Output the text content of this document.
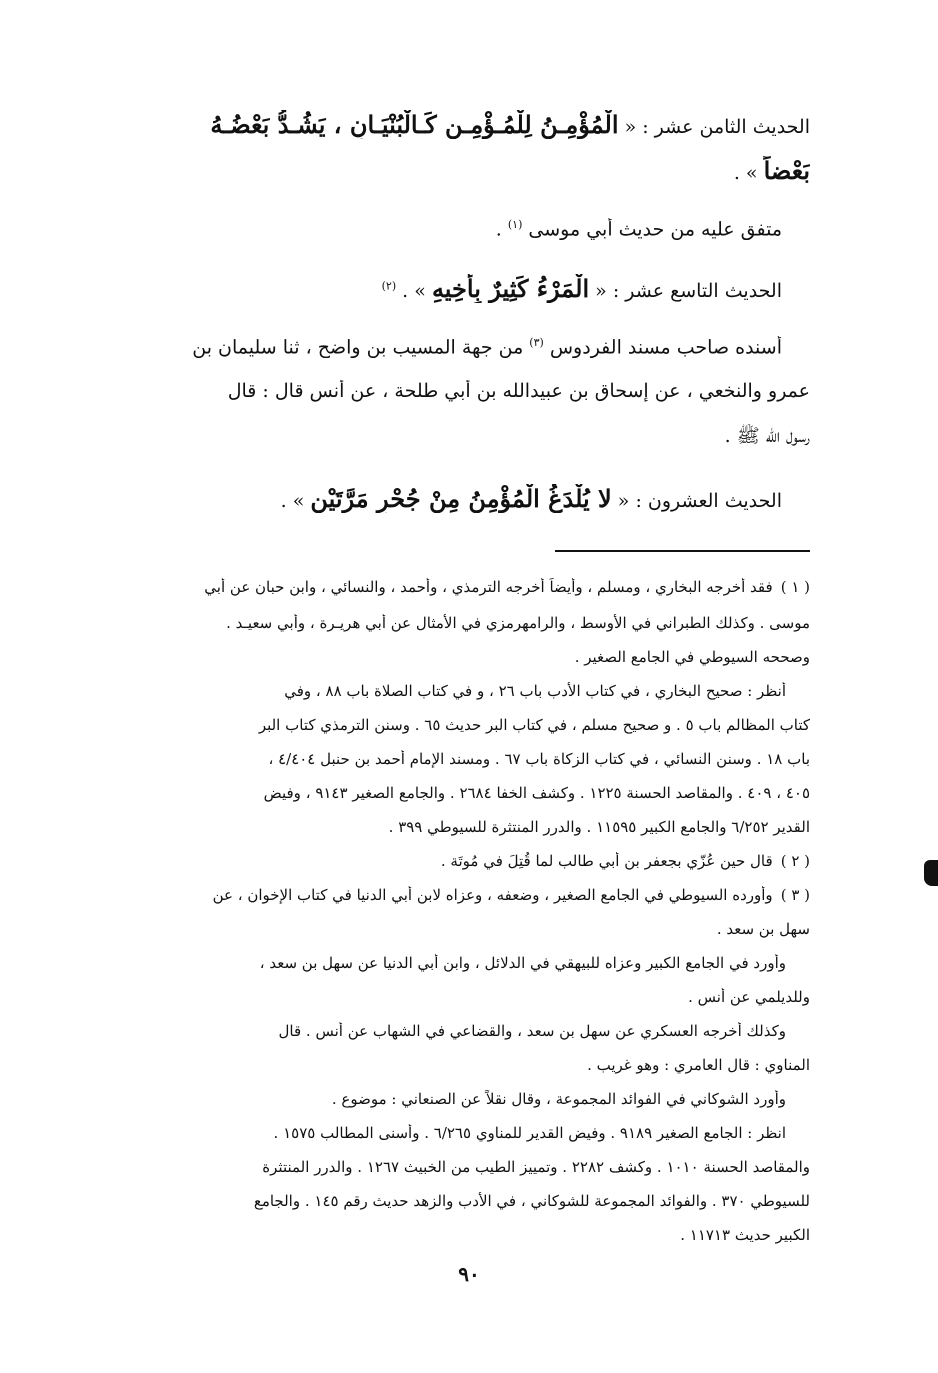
الحديث الثامن عشر : « الْمُؤْمِـنُ لِلْمُـؤْمِـنِ كَـالْبُنْيَـانِ ، يَشُـدُّ بَعْضُـهُ
بَعْضاً » .
متفق عليه من حديث أبي موسى $^{(١)}$ .
الحديث التاسع عشر : « الْمَرْءُ كَثِيرٌ بِأَخِيهِ » . $^{(٢)}$
أسنده صاحب مسند الفردوس $^{(٣)}$ من جهة المسيب بن واضح ، ثنا سليمان بن
عمرو والنخعي ، عن إسحاق بن عبيدالله بن أبي طلحة ، عن أنس قال : قال
رسول الله ﷺ .
الحديث العشرون : « لا يُلْدَغُ الْمُؤْمِنُ مِنْ جُحْرٍ مَرَّتَيْنِ » .
( ١ )فقد أخرجه البخاري ، ومسلم ، وأيضاً أخرجه الترمذي ، وأحمد ، والنسائي ، وابن حبان عن أبي
موسى . وكذلك الطبراني في الأوسط ، والرامهرمزي في الأمثال عن أبي هريـرة ، وأبي سعيـد .
وصححه السيوطي في الجامع الصغير .
أنظر : صحيح البخاري ، في كتاب الأدب باب ٢٦ ، و في كتاب الصلاة باب ٨٨ ، وفي
كتاب المظالم باب ٥ . و صحيح مسلم ، في كتاب البر حديث ٦٥ . وسنن الترمذي كتاب البر
باب ١٨ . وسنن النسائي ، في كتاب الزكاة باب ٦٧ . ومسند الإمام أحمد بن حنبل ٤/٤٠٤ ،
٤٠٥ ، ٤٠٩ . والمقاصد الحسنة ١٢٢٥ . وكشف الخفا ٢٦٨٤ . والجامع الصغير ٩١٤٣ ، وفيض
القدير ٦/٢٥٢ والجامع الكبير ١١٥٩٥ . والدرر المنتثرة للسيوطي ٣٩٩ .
( ٢ )قال حين عُزّي بجعفر بن أبي طالب لما قُتِلَ في مُوتَة .
( ٣ )وأورده السيوطي في الجامع الصغير ، وضعفه ، وعزاه لابن أبي الدنيا في كتاب الإخوان ، عن
سهل بن سعد .
وأورد في الجامع الكبير وعزاه للبيهقي في الدلائل ، وابن أبي الدنيا عن سهل بن سعد ،
وللديلمي عن أنس .
وكذلك أخرجه العسكري عن سهل بن سعد ، والقضاعي في الشهاب عن أنس . قال
المناوي : قال العامري : وهو غريب .
وأورد الشوكاني في الفوائد المجموعة ، وقال نقلاً عن الصنعاني : موضوع .
انظر : الجامع الصغير ٩١٨٩ . وفيض القدير للمناوي ٦/٢٦٥ . وأسنى المطالب ١٥٧٥ .
والمقاصد الحسنة ١٠١٠ . وكشف ٢٢٨٢ . وتمييز الطيب من الخبيث ١٢٦٧ . والدرر المنتثرة
للسيوطي ٣٧٠ . والفوائد المجموعة للشوكاني ، في الأدب والزهد حديث رقم ١٤٥ . والجامع
الكبير حديث ١١٧١٣ .
٩٠
